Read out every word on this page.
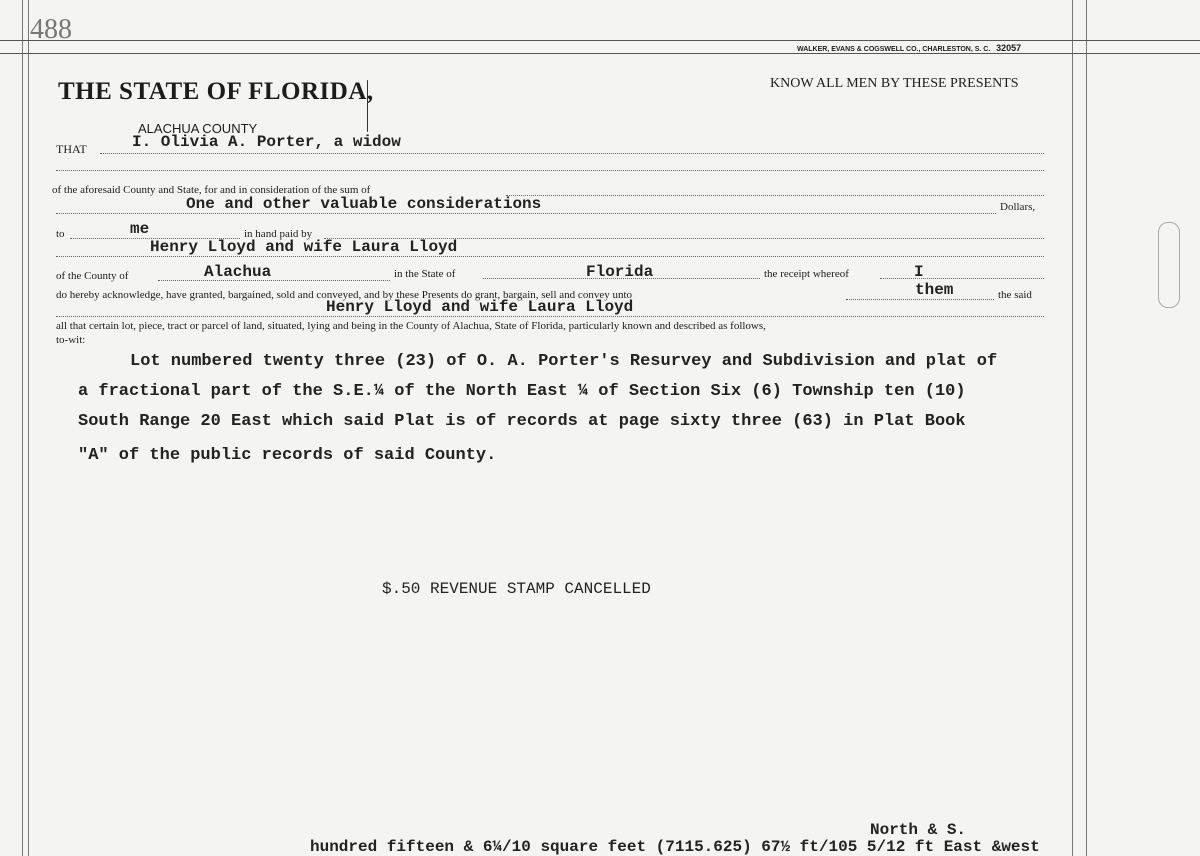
488
WALKER, EVANS & COGSWELL CO., CHARLESTON, S. C. 32057
THE STATE OF FLORIDA,	KNOW ALL MEN BY THESE PRESENTS
ALACHUA COUNTY
THAT	I. Olivia A. Porter, a widow
of the aforesaid County and State, for and in consideration of the sum of
One and other valuable considerations	Dollars,
to	me	in hand paid by
Henry Lloyd and wife Laura Lloyd
of the County of	Alachua	in the State of	Florida	the receipt whereof	I
do hereby acknowledge, have granted, bargained, sold and conveyed, and by these Presents do grant, bargain, sell and convey unto	them	the said
Henry Lloyd and wife Laura Lloyd
all that certain lot, piece, tract or parcel of land, situated, lying and being in the County of Alachua, State of Florida, particularly known and described as follows,
to-wit:
Lot numbered twenty three (23) of O. A. Porter's Resurvey and Subdivision and plat of
a fractional part of the S.E.¼ of the North East ¼ of Section Six (6) Township ten (10)
South Range 20 East which said Plat is of records at page sixty three (63) in Plat Book
"A" of the public records of said County.
$.50 REVENUE STAMP CANCELLED
North & S.
hundred fifteen & 6¼/10 square feet (7115.625) 67½ ft/105 5/12 ft East &west
